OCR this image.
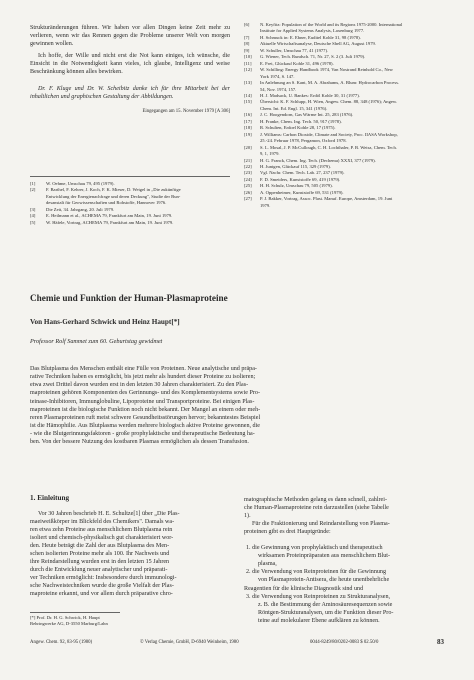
Strukturänderungen führen. Wir haben vor allen Dingen keine Zeit mehr zu verlieren, wenn wir das Rennen gegen die Probleme unserer Welt von morgen gewinnen wollen.

Ich hoffe, der Wille und nicht erst die Not kann einiges, ich wünsche, die Einsicht in die Notwendigkeit kann vieles, ich glaube, Intelligenz und weise Beschränkung können alles bewirken.

Dr. F. Kluge und Dr. W. Scheibitz danke ich für ihre Mitarbeit bei der inhaltlichen und graphischen Gestaltung der Abbildungen.

Eingegangen am 15. November 1979 [A 306]
[1]	W. Oehme, Umschau 79, 495 (1979).
[2]	F. Barthel, F. Kehrer, J. Koch, F. K. Mieser, D. Weigel in „Die zukünftige
Entwicklung der Energienachfrage und deren Deckung", Studie der Bun-
desanstalt für Geowissenschaften und Rohstoffe, Hannover 1976.
[3]	Die Zeit, 34. Jahrgang, 20. Juli 1979.
[4]	E. Heilmann et al., ACHEMA 79, Frankfurt am Main, 19. Juni 1979.
[5]	W. Häfele, Vortrag, ACHEMA 79, Frankfurt am Main, 19. Juni 1979.
[6]	N. Keyfitz: Population of the World and its Regions 1975-2000. International
Institute for Applied Systems Analysis, Laxenburg 1977.
[7]	H. Schmuck in: E. Ebner, Euditel Kohle 31, 98 (1978).
[8]	Aktuelle Wirtschaftsanalyse, Deutsche Shell AG, August 1979.
[9]	W. Schuller, Umschau 77, 41 (1977).
[10]	G. Wiener, Tech. Rundsch. 71, Nr. 27, S. 2 (3. Juli 1979).
[11]	E. Frei, Glückauf Kohle 31, 496 (1978).
[12]	W. Schilling: Energy Handbook 1974, Van Nostrand Reinhold Co., New
York 1974, S. 147.
[13]	In Anlehnung an S. Kant, M. A. Abrahams, A. Blum: Hydrocarbon Process.
54, Nov. 1974, 157.
[14]	H. J. Madsack, U. Bankes: Erdöl Kohle 30, 31 (1977).
[15]	Übersicht: K. F. Schlupp, H. Wien, Angew. Chem. 88, 348 (1976); Angew.
Chem. Int. Ed. Engl. 15, 341 (1976).
[16]	J. C. Hoogendorn, Gas Wärme Int. 25, 283 (1976).
[17]	H. Franke, Chem. Ing. Tech. 50, 917 (1978).
[18]	R. Schulten, Erdoel Kohle 28, 17 (1975).
[19]	J. Williams: Carbon Dioxide, Climate and Society, Proc. IIASA Workshop,
25.-24. Februar 1978, Pergamon, Oxford 1978.
[20]	S. L. Mosal, J. P. McCullough, C. H. Lochthaler, P. B. Weisz, Chem. Tech.
9, 1, 1979.
[21]	H. G. Franck, Chem. Ing. Tech. (Dechema) XXXI, 377 (1979).
[22]	H. Juntgen, Glückauf 115, 329 (1979).
[23]	Vgl. Nachr. Chem. Tech. Lab. 27, 237 (1979).
[24]	F. D. Smeiders, Kunststoffe 69, 419 (1979).
[25]	H. H. Schulz, Umschau 79, 505 (1979).
[26]	A. Oppenheimer, Kunststoffe 69, 531 (1979).
[27]	P. J. Bakker, Vortrag, Assoc. Plast. Manuf. Europe, Amsterdam, 19. Juni
1979.
Chemie und Funktion der Human-Plasmaproteine
Von Hans-Gerhard Schwick und Heinz Haupt[*]

Professor Rolf Sammet zum 60. Geburtstag gewidmet

Das Blutplasma des Menschen enthält eine Fülle von Proteinen. Neue analytische und präpa-
rative Techniken haben es ermöglicht, bis jetzt mehr als hundert dieser Proteine zu isolieren;
etwa zwei Drittel davon wurden erst in den letzten 30 Jahren charakterisiert. Zu den Plas-
maproteinen gehören Komponenten des Gerinnungs- und des Komplementsystems sowie Pro-
teinase-Inhibitoren, Immunglobuline, Lipoproteine und Transportproteine. Bei einigen Plas-
maproteinen ist die biologische Funktion noch nicht bekannt. Der Mangel an einem oder meh-
reren Plasmaproteinen ruft meist schwere Gesundheitsstörungen hervor; bekanntestes Beispiel
ist die Hämophilie. Aus Blutplasma werden mehrere biologisch aktive Proteine gewonnen, die
- wie die Blutgerinnungsfaktoren - große prophylaktische und therapeutische Bedeutung ha-
ben. Von der bessere Nutzung des kostbaren Plasmas ermöglichen als dessen Transfusion.
1. Einleitung
Vor 30 Jahren beschrieb H. E. Schultze[1] über „Die Plas-
maeiweißkörper im Blickfeld des Chemikers". Damals wa-
ren etwa zehn Proteine aus menschlichem Blutplasma rein
isoliert und chemisch-physikalisch gut charakterisiert wor-
den. Heute beträgt die Zahl der aus Blutplasma des Men-
schen isolierten Proteine mehr als 100. Ihr Nachweis und
ihre Reindarstellung wurden erst in den letzten 15 Jahren
durch die Entwicklung neuer analytischer und präparati-
ver Techniken ermöglicht: Insbesondere durch immunologi-
sche Nachweistechniken wurde die große Vielfalt der Plas-
maproteine erkannt, und vor allem durch präparative chro-
[*] Prof. Dr. H. G. Schwick, H. Haupt
Behringwerke AG, D-3550 Marburg/Lahn
matographische Methoden gelang es dann schnell, zahlrei-
che Human-Plasmaproteine rein darzustellen (siehe Tabelle
1).
Für die Fraktionierung und Reindarstellung von Plasma-
proteinen gibt es drei Hauptgründe:

1. die Gewinnung von prophylaktisch und therapeutisch
wirksamen Proteinpräparaten aus menschlichem Blut-
plasma,
2. die Verwendung von Reinproteinen für die Gewinnung
von Plasmaprotein-Antisera, die heute unentbehrliche
Reagentien für die klinische Diagnostik sind und
3. die Verwendung von Reinproteinen zu Strukturanalysen,
z. B. die Bestimmung der Aminosäuresequenzen sowie
Röntgen-Strukturanalysen, um die Funktion dieser Pro-
teine auf molekularer Ebene aufklären zu können.
Angew. Chem. 92, 83-95 (1980)	© Verlag Chemie, GmbH, D-6940 Weinheim, 1980	0044-8249/80/0202-0083 $ 02.50/0	83
